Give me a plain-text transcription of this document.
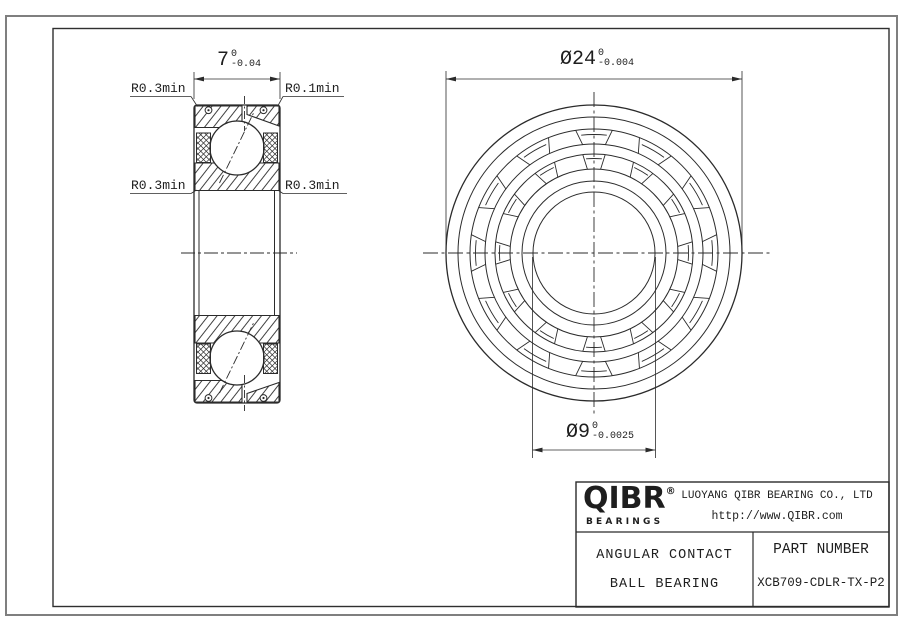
7 0
-0.04	Ø24 0
-0.004
Ø9 0
-0.0025
R0.3min	R0.1min
R0.3min	R0.3min
QIBR®
BEARINGS
LUOYANG QIBR BEARING CO., LTD
http://www.QIBR.com
ANGULAR CONTACT
BALL BEARING
PART NUMBER
XCB709-CDLR-TX-P2
